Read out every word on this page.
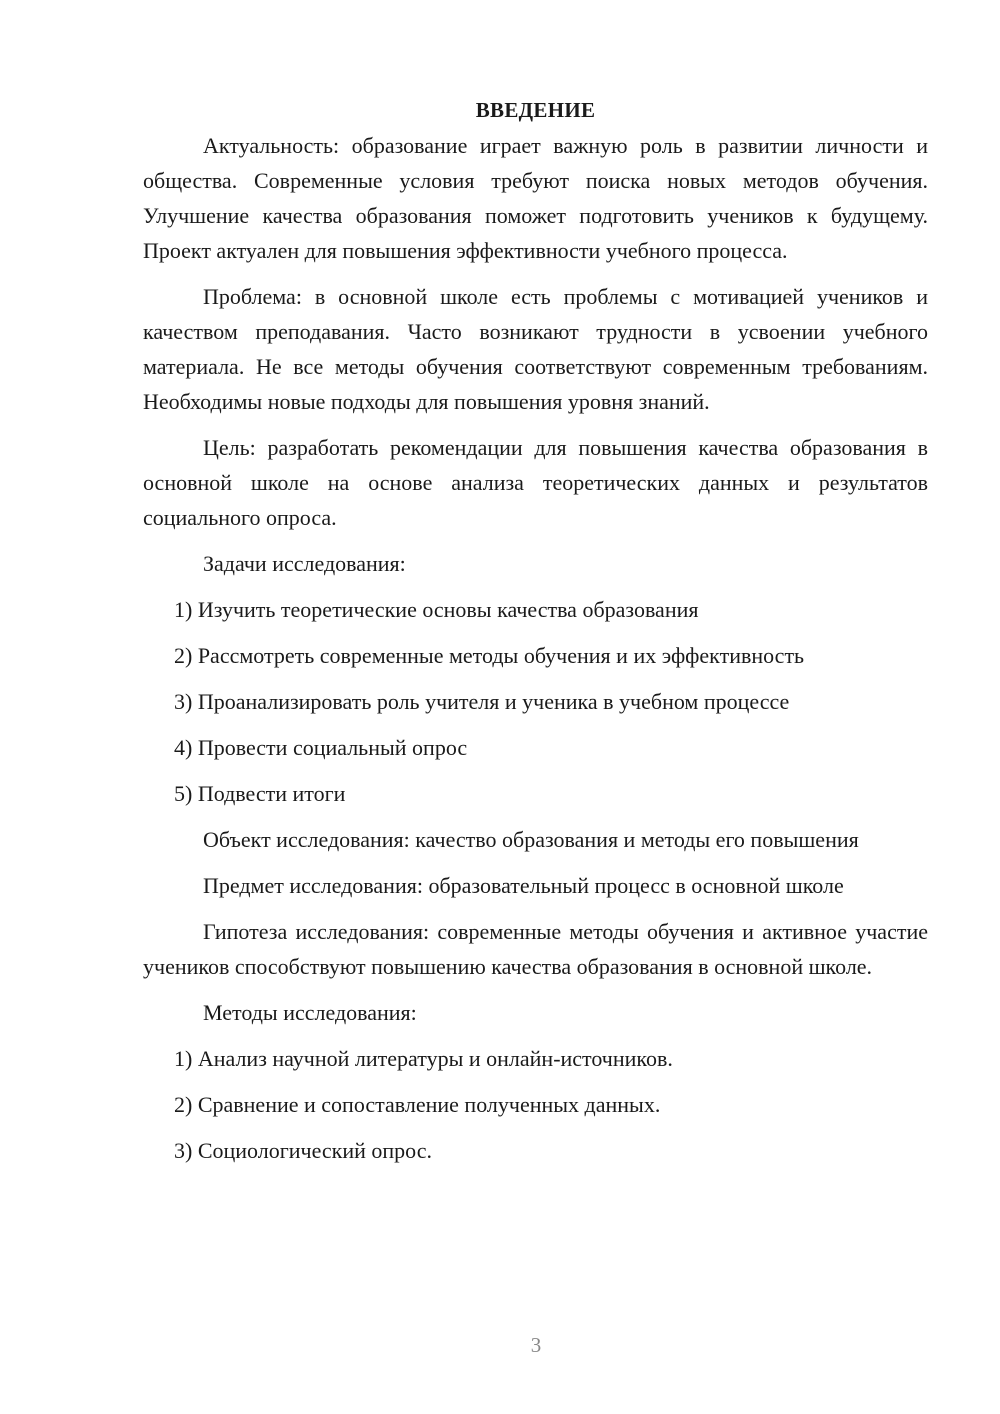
ВВЕДЕНИЕ

Актуальность: образование играет важную роль в развитии личности и общества. Современные условия требуют поиска новых методов обучения. Улучшение качества образования поможет подготовить учеников к будущему. Проект актуален для повышения эффективности учебного процесса.

Проблема: в основной школе есть проблемы с мотивацией учеников и качеством преподавания. Часто возникают трудности в усвоении учебного материала. Не все методы обучения соответствуют современным требованиям. Необходимы новые подходы для повышения уровня знаний.

Цель: разработать рекомендации для повышения качества образования в основной школе на основе анализа теоретических данных и результатов социального опроса.

Задачи исследования:

1) Изучить теоретические основы качества образования

2) Рассмотреть современные методы обучения и их эффективность

3) Проанализировать роль учителя и ученика в учебном процессе

4) Провести социальный опрос

5) Подвести итоги

Объект исследования: качество образования и методы его повышения

Предмет исследования: образовательный процесс в основной школе

Гипотеза исследования: современные методы обучения и активное участие учеников способствуют повышению качества образования в основной школе.

Методы исследования:

1) Анализ научной литературы и онлайн-источников.

2) Сравнение и сопоставление полученных данных.

3) Социологический опрос.

3
